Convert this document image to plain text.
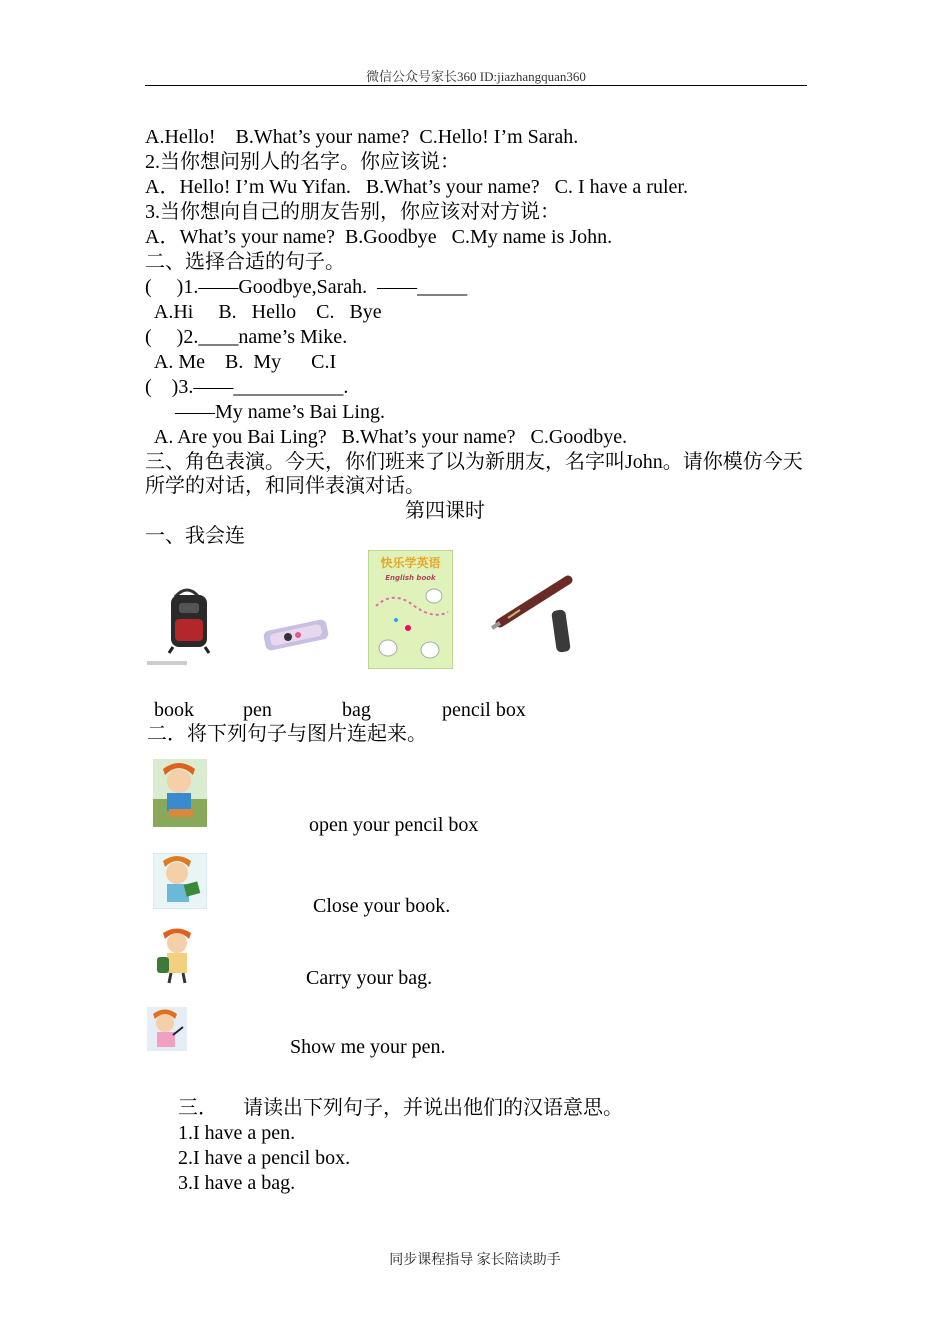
微信公众号家长360 ID:jiazhangquan360
A.Hello!    B.What’s your name?  C.Hello! I’m Sarah.
2.当你想问别人的名字。你应该说：
A．Hello! I’m Wu Yifan.   B.What’s your name?   C. I have a ruler.
3.当你想向自己的朋友告别，你应该对对方说：
A．What’s your name?  B.Goodbye   C.My name is John.
二、选择合适的句子。
(     )1.——Goodbye,Sarah.  ——_____
A.Hi     B.   Hello    C.   Bye
(     )2.____name’s Mike.
A. Me    B.  My      C.I
(    )3.——___________.
——My name’s Bai Ling.
A. Are you Bai Ling?   B.What’s your name?   C.Goodbye.
三、角色表演。今天，你们班来了以为新朋友，名字叫John。请你模仿今天所学的对话，和同伴表演对话。
第四课时
一、我会连
快乐学英语
English book
book pen	bag	pencil box
二．将下列句子与图片连起来。
open your pencil box
Close your book.
Carry your bag.
Show me your pen.
三．     请读出下列句子，并说出他们的汉语意思。
1.I have a pen.
2.I have a pencil box.
3.I have a bag.
同步课程指导 家长陪读助手
